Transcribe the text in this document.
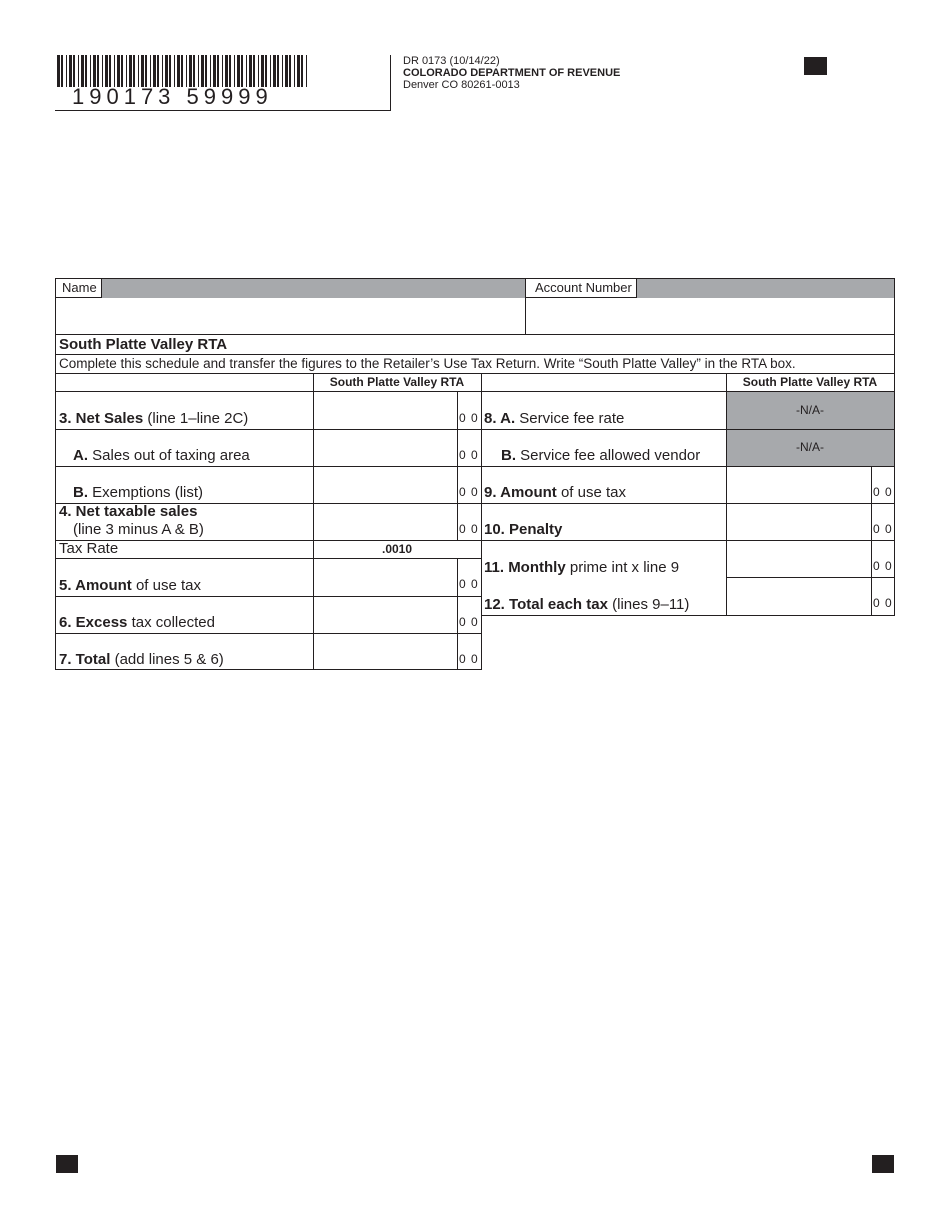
190173 59999
DR 0173 (10/14/22)
COLORADO DEPARTMENT OF REVENUE
Denver CO 80261-0013
Name	Account Number
South Platte Valley RTA
Complete this schedule and transfer the figures to the Retailer’s Use Tax Return. Write “South Platte Valley” in the RTA box.
South Platte Valley RTA
3. Net Sales (line 1–line 2C)	0 0
A. Sales out of taxing area	0 0
B. Exemptions (list)	0 0
4. Net taxable sales
(line 3 minus A & B)	0 0
Tax Rate	.0010
5. Amount of use tax	0 0
6. Excess tax collected	0 0
7. Total (add lines 5 & 6)	0 0
South Platte Valley RTA
8. A. Service fee rate	-N/A-
B. Service fee allowed vendor	-N/A-
9. Amount of use tax	0 0
10. Penalty	0 0
11. Monthly prime int x line 9	0 0
12. Total each tax (lines 9–11)	0 0
